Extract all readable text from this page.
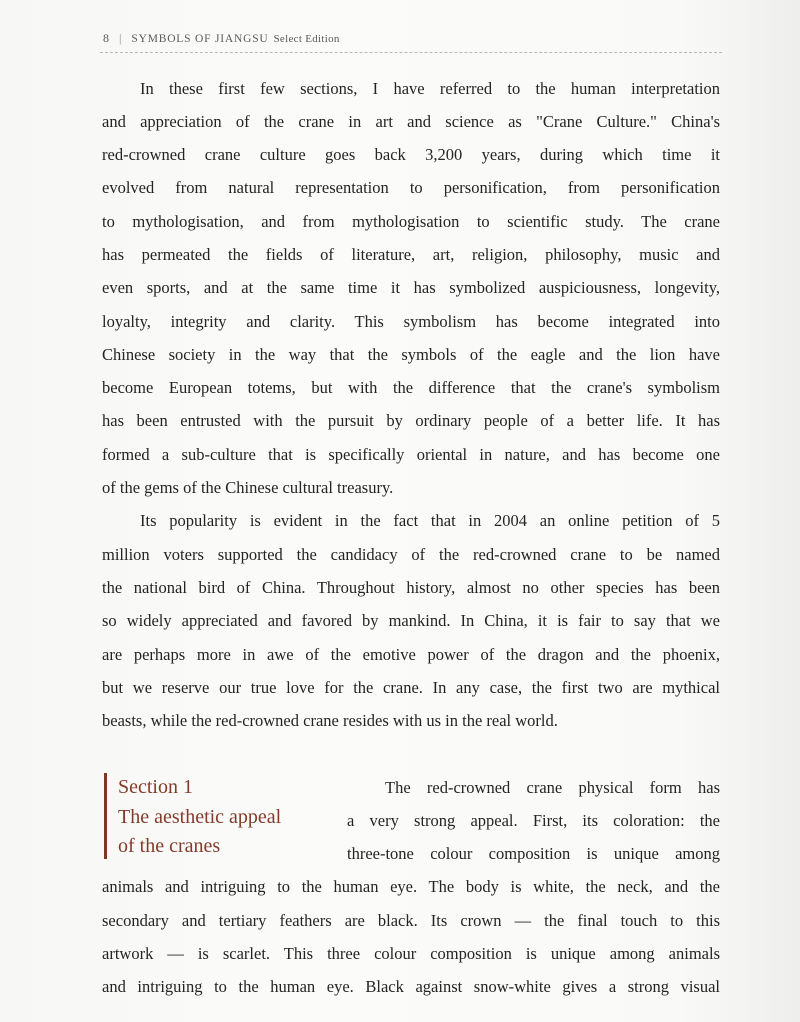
8 | SYMBOLS OF JIANGSU Select Edition
In these first few sections, I have referred to the human interpretation
and appreciation of the crane in art and science as "Crane Culture." China's
red-crowned crane culture goes back 3,200 years, during which time it
evolved from natural representation to personification, from personification
to mythologisation, and from mythologisation to scientific study. The crane
has permeated the fields of literature, art, religion, philosophy, music and
even sports, and at the same time it has symbolized auspiciousness, longevity,
loyalty, integrity and clarity. This symbolism has become integrated into
Chinese society in the way that the symbols of the eagle and the lion have
become European totems, but with the difference that the crane's symbolism
has been entrusted with the pursuit by ordinary people of a better life. It has
formed a sub-culture that is specifically oriental in nature, and has become one
of the gems of the Chinese cultural treasury.
Its popularity is evident in the fact that in 2004 an online petition of 5
million voters supported the candidacy of the red-crowned crane to be named
the national bird of China. Throughout history, almost no other species has been
so widely appreciated and favored by mankind. In China, it is fair to say that we
are perhaps more in awe of the emotive power of the dragon and the phoenix,
but we reserve our true love for the crane. In any case, the first two are mythical
beasts, while the red-crowned crane resides with us in the real world.
Section 1
The aesthetic appeal
of the cranes
The red-crowned crane physical form has
a very strong appeal. First, its coloration: the
three-tone colour composition is unique among
animals and intriguing to the human eye. The body is white, the neck, and the
secondary and tertiary feathers are black. Its crown — the final touch to this
artwork — is scarlet. This three colour composition is unique among animals
and intriguing to the human eye. Black against snow-white gives a strong visual
